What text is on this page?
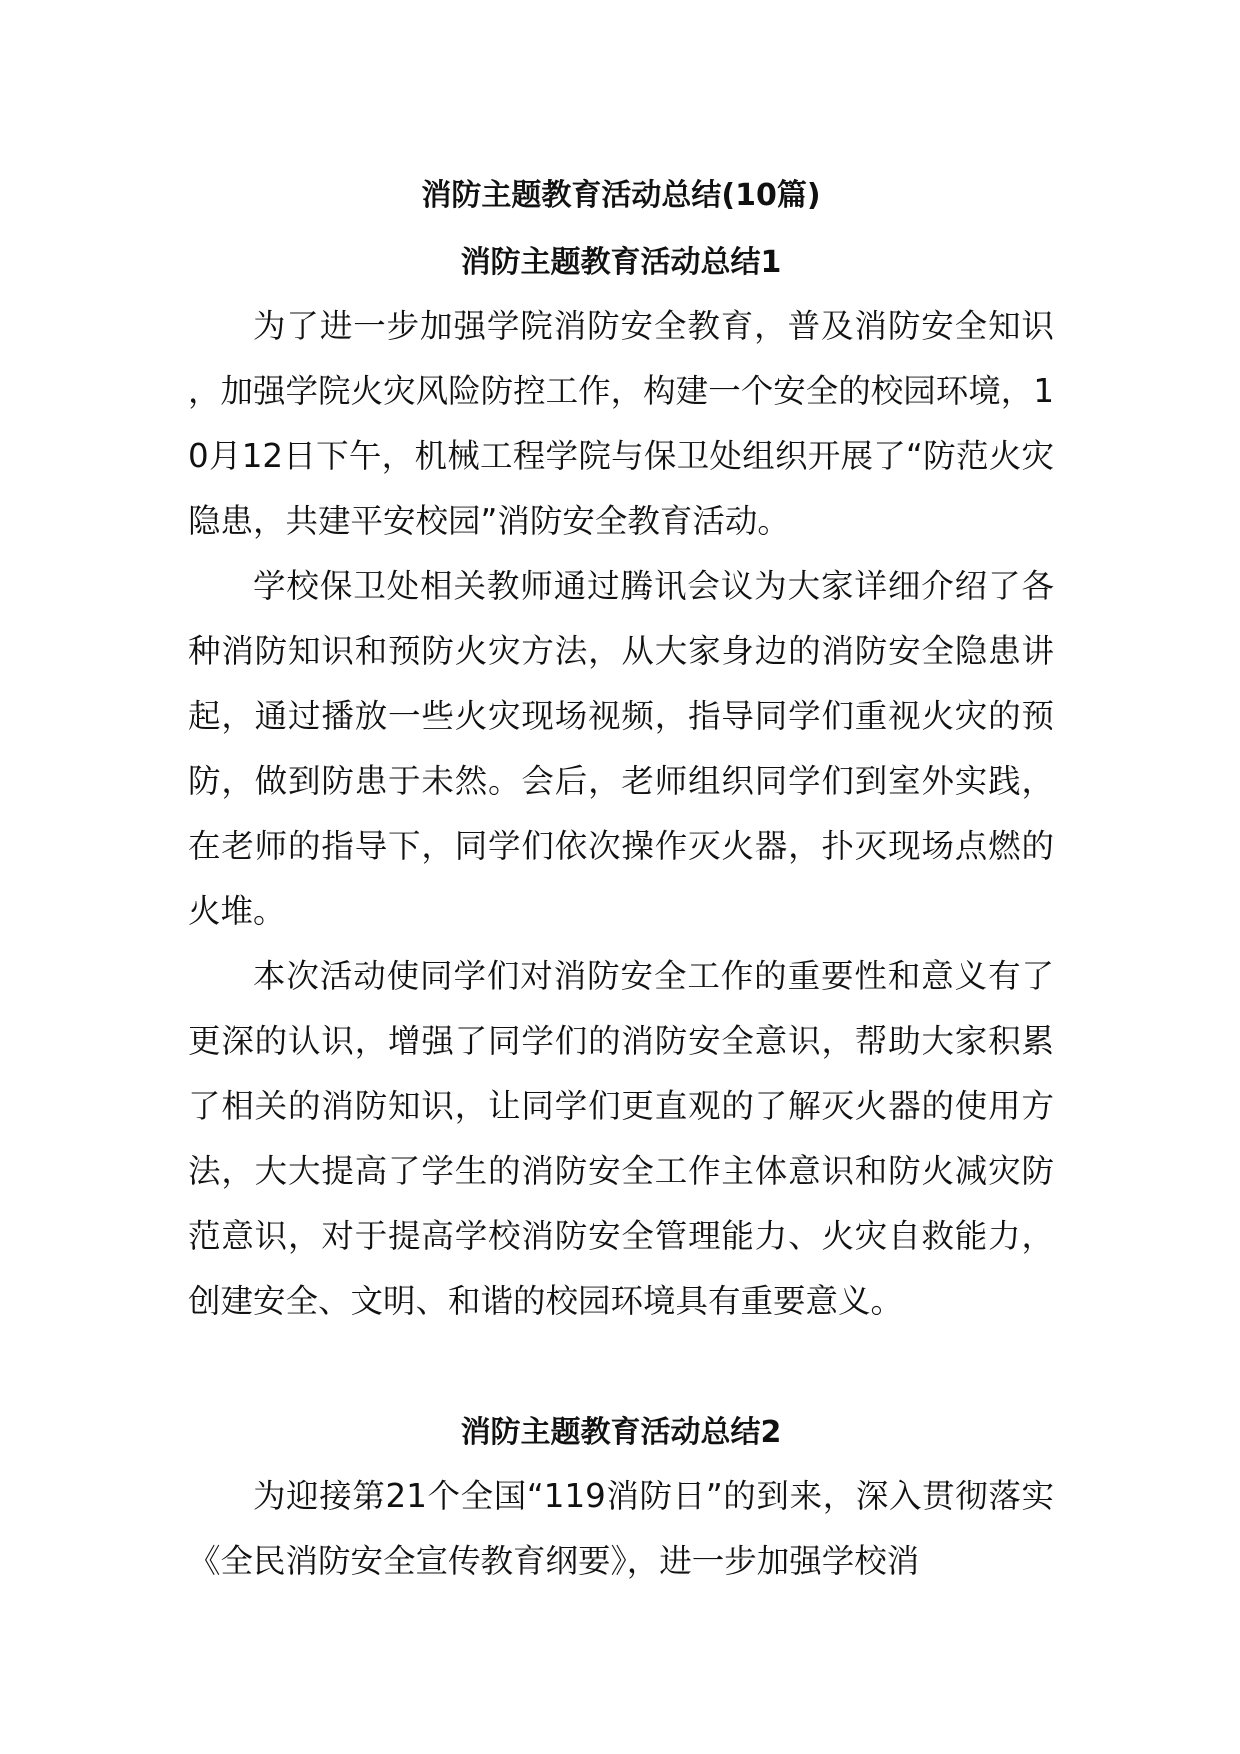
消防主题教育活动总结(10篇)
消防主题教育活动总结1

为了进一步加强学院消防安全教育，普及消防安全知识，加强学院火灾风险防控工作，构建一个安全的校园环境，10月12日下午，机械工程学院与保卫处组织开展了“防范火灾隐患，共建平安校园”消防安全教育活动。

学校保卫处相关教师通过腾讯会议为大家详细介绍了各种消防知识和预防火灾方法，从大家身边的消防安全隐患讲起，通过播放一些火灾现场视频，指导同学们重视火灾的预防，做到防患于未然。会后，老师组织同学们到室外实践，在老师的指导下，同学们依次操作灭火器，扑灭现场点燃的火堆。

本次活动使同学们对消防安全工作的重要性和意义有了更深的认识，增强了同学们的消防安全意识，帮助大家积累了相关的消防知识，让同学们更直观的了解灭火器的使用方法，大大提高了学生的消防安全工作主体意识和防火减灾防范意识，对于提高学校消防安全管理能力、火灾自救能力，创建安全、文明、和谐的校园环境具有重要意义。

消防主题教育活动总结2

为迎接第21个全国“119消防日”的到来，深入贯彻落实《全民消防安全宣传教育纲要》，进一步加强学校消
